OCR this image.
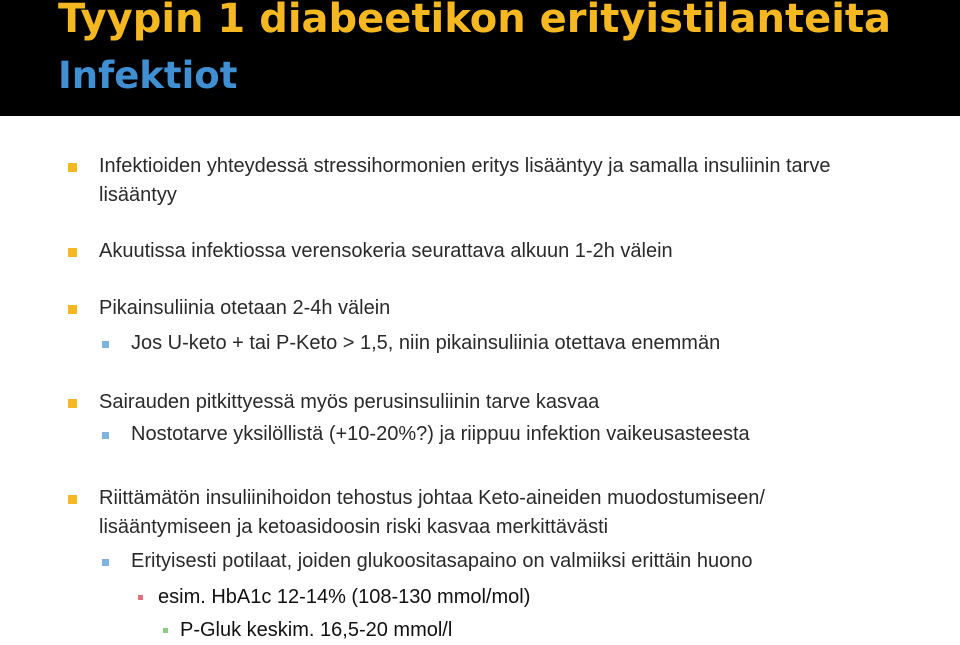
Tyypin 1 diabeetikon erityistilanteita
Infektiot
Infektioiden yhteydessä stressihormonien eritys lisääntyy ja samalla insuliinin tarve
lisääntyy
Akuutissa infektiossa verensokeria seurattava alkuun 1-2h välein
Pikainsuliinia otetaan 2-4h välein
Jos U-keto + tai P-Keto > 1,5, niin pikainsuliinia otettava enemmän
Sairauden pitkittyessä myös perusinsuliinin tarve kasvaa
Nostotarve yksilöllistä (+10-20%?) ja riippuu infektion vaikeusasteesta
Riittämätön insuliinihoidon tehostus johtaa Keto-aineiden muodostumiseen/
lisääntymiseen ja ketoasidoosin riski kasvaa merkittävästi
Erityisesti potilaat, joiden glukoositasapaino on valmiiksi erittäin huono
esim. HbA1c 12-14% (108-130 mmol/mol)
P-Gluk keskim. 16,5-20 mmol/l
